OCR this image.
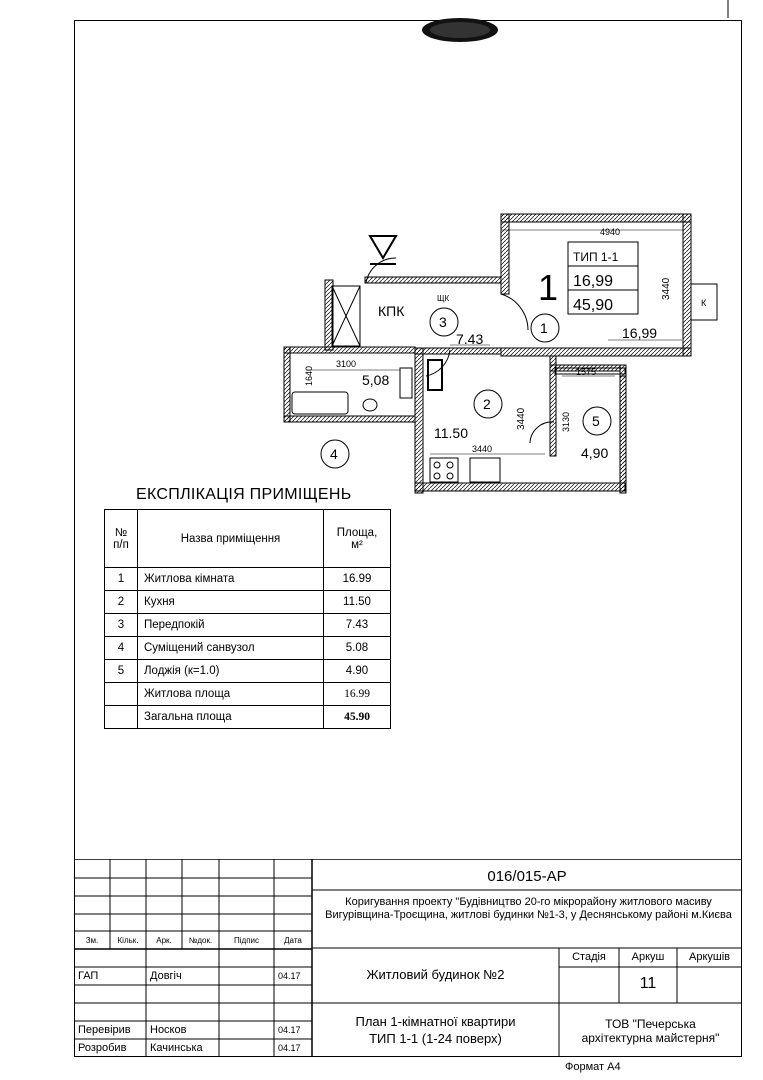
4940
3440
3100
1640
3440
3440
1575
3130
ТИП 1-1
16,99
45,90
1
16,99
11.50
7.43
5,08
4,90
КПК
ЩК	К
1
2
3
4
5
ЕКСПЛІКАЦІЯ ПРИМІЩЕНЬ
№ п/п	Назва приміщення	Площа, м²
1	Житлова кімната	16.99
2	Кухня	11.50
3	Передпокій	7.43
4	Суміщений санвузол	5.08
5	Лоджія (к=1.0)	4.90
	Житлова площа	16.99
	Загальна площа	45.90
016/015-АР
Коригування проекту "Будівництво 20-го мікрорайону житлового масиву Вигурівщина-Троєщина, житлові будинки №1-3, у Деснянському районі м.Києва
Зм.	Кільк.	Арк.	№док.	Підпис	Дата
Житловий будинок №2
Стадія	Аркуш	Аркушів
11
План 1-кімнатної квартири
ТИП 1-1 (1-24 поверх)
ТОВ "Печерська
архітектурна майстерня"
ГАП	Довгіч	04.17
Перевірив Носков	04.17
Розробив Качинська	04.17
Формат А4
